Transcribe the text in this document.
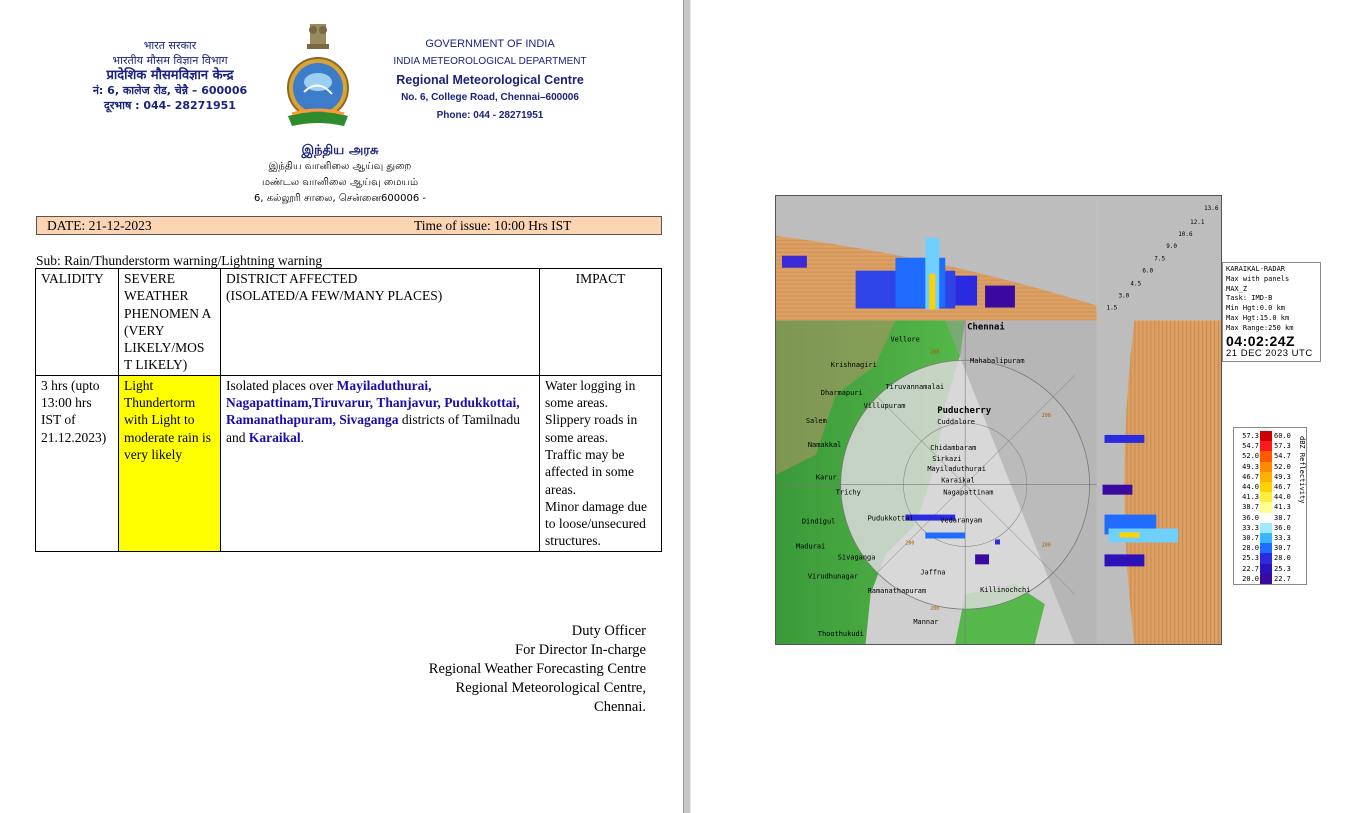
भारत सरकार
भारतीय मौसम विज्ञान विभाग
प्रादेशिक मौसमविज्ञान केन्द्र
नं: 6, कालेज रोड, चेन्नै – 600006
दूरभाष : 044- 28271951
GOVERNMENT OF INDIA
INDIA METEOROLOGICAL DEPARTMENT
Regional Meteorological Centre
No. 6, College Road, Chennai–600006
Phone: 044 - 28271951
இந்திய அரசு
இந்திய வானிலை ஆய்வு துறை
மண்டல வானிலை ஆய்வு மையம்
6, கல்லூரி சாலை, சென்னை600006 -
DATE: 21-12-2023	Time of issue: 10:00 Hrs IST
Sub: Rain/Thunderstorm warning/Lightning warning
VALIDITY	SEVERE WEATHER PHENOMEN A (VERY LIKELY/MOS T LIKELY)	DISTRICT AFFECTED
(ISOLATED/A FEW/MANY PLACES)	IMPACT
3 hrs (upto 13:00 hrs IST of 21.12.2023)	Light Thundertorm with Light to moderate rain is very likely	Isolated places over Mayiladuthurai, Nagapattinam,Tiruvarur, Thanjavur, Pudukkottai, Ramanathapuram, Sivaganga districts of Tamilnadu and Karaikal.	Water logging in some areas.
Slippery roads in some areas.
Traffic may be affected in some areas.
Minor damage due to loose/unsecured structures.
Duty Officer
For Director In-charge
Regional Weather Forecasting Centre
Regional Meteorological Centre,
Chennai.
13.6
12.1
10.6
9.0
7.5
6.0
4.5
3.0
1.5
Chennai
Vellore
Mahabalipuram
Puducherry
Cuddalore
Chidambaram
Sirkazi
Mayiladuthurai
Karaikal
Nagapattinam
Vedaranyam
Jaffna
Killinochchi
Mannar
Thoothukudi
Ramanathapuram
Pudukkottai
Madurai
Trichy
Dindigul
Villupuram
Tiruvannamalai
Krishnagiri
Dharmapuri
Salem
Namakkal
Karur
Sivaganga
Virudhunagar
200
200
200
200
200
KARAIKAL-RADAR
Max with panels
MAX_Z
Task: IMD-B
Min Hgt:0.0 km
Max Hgt:15.0 km
Max Range:250 km
04:02:24Z
21 DEC 2023 UTC
57.3 60.0
54.7 57.3
52.0 54.7
49.3 52.0
46.7 49.3
44.0 46.7
41.3 44.0
38.7 41.3
36.0 38.7
33.3 36.0
30.7 33.3
28.0 30.7
25.3 28.0
22.7 25.3
20.0 22.7
dBZ Reflectivity
